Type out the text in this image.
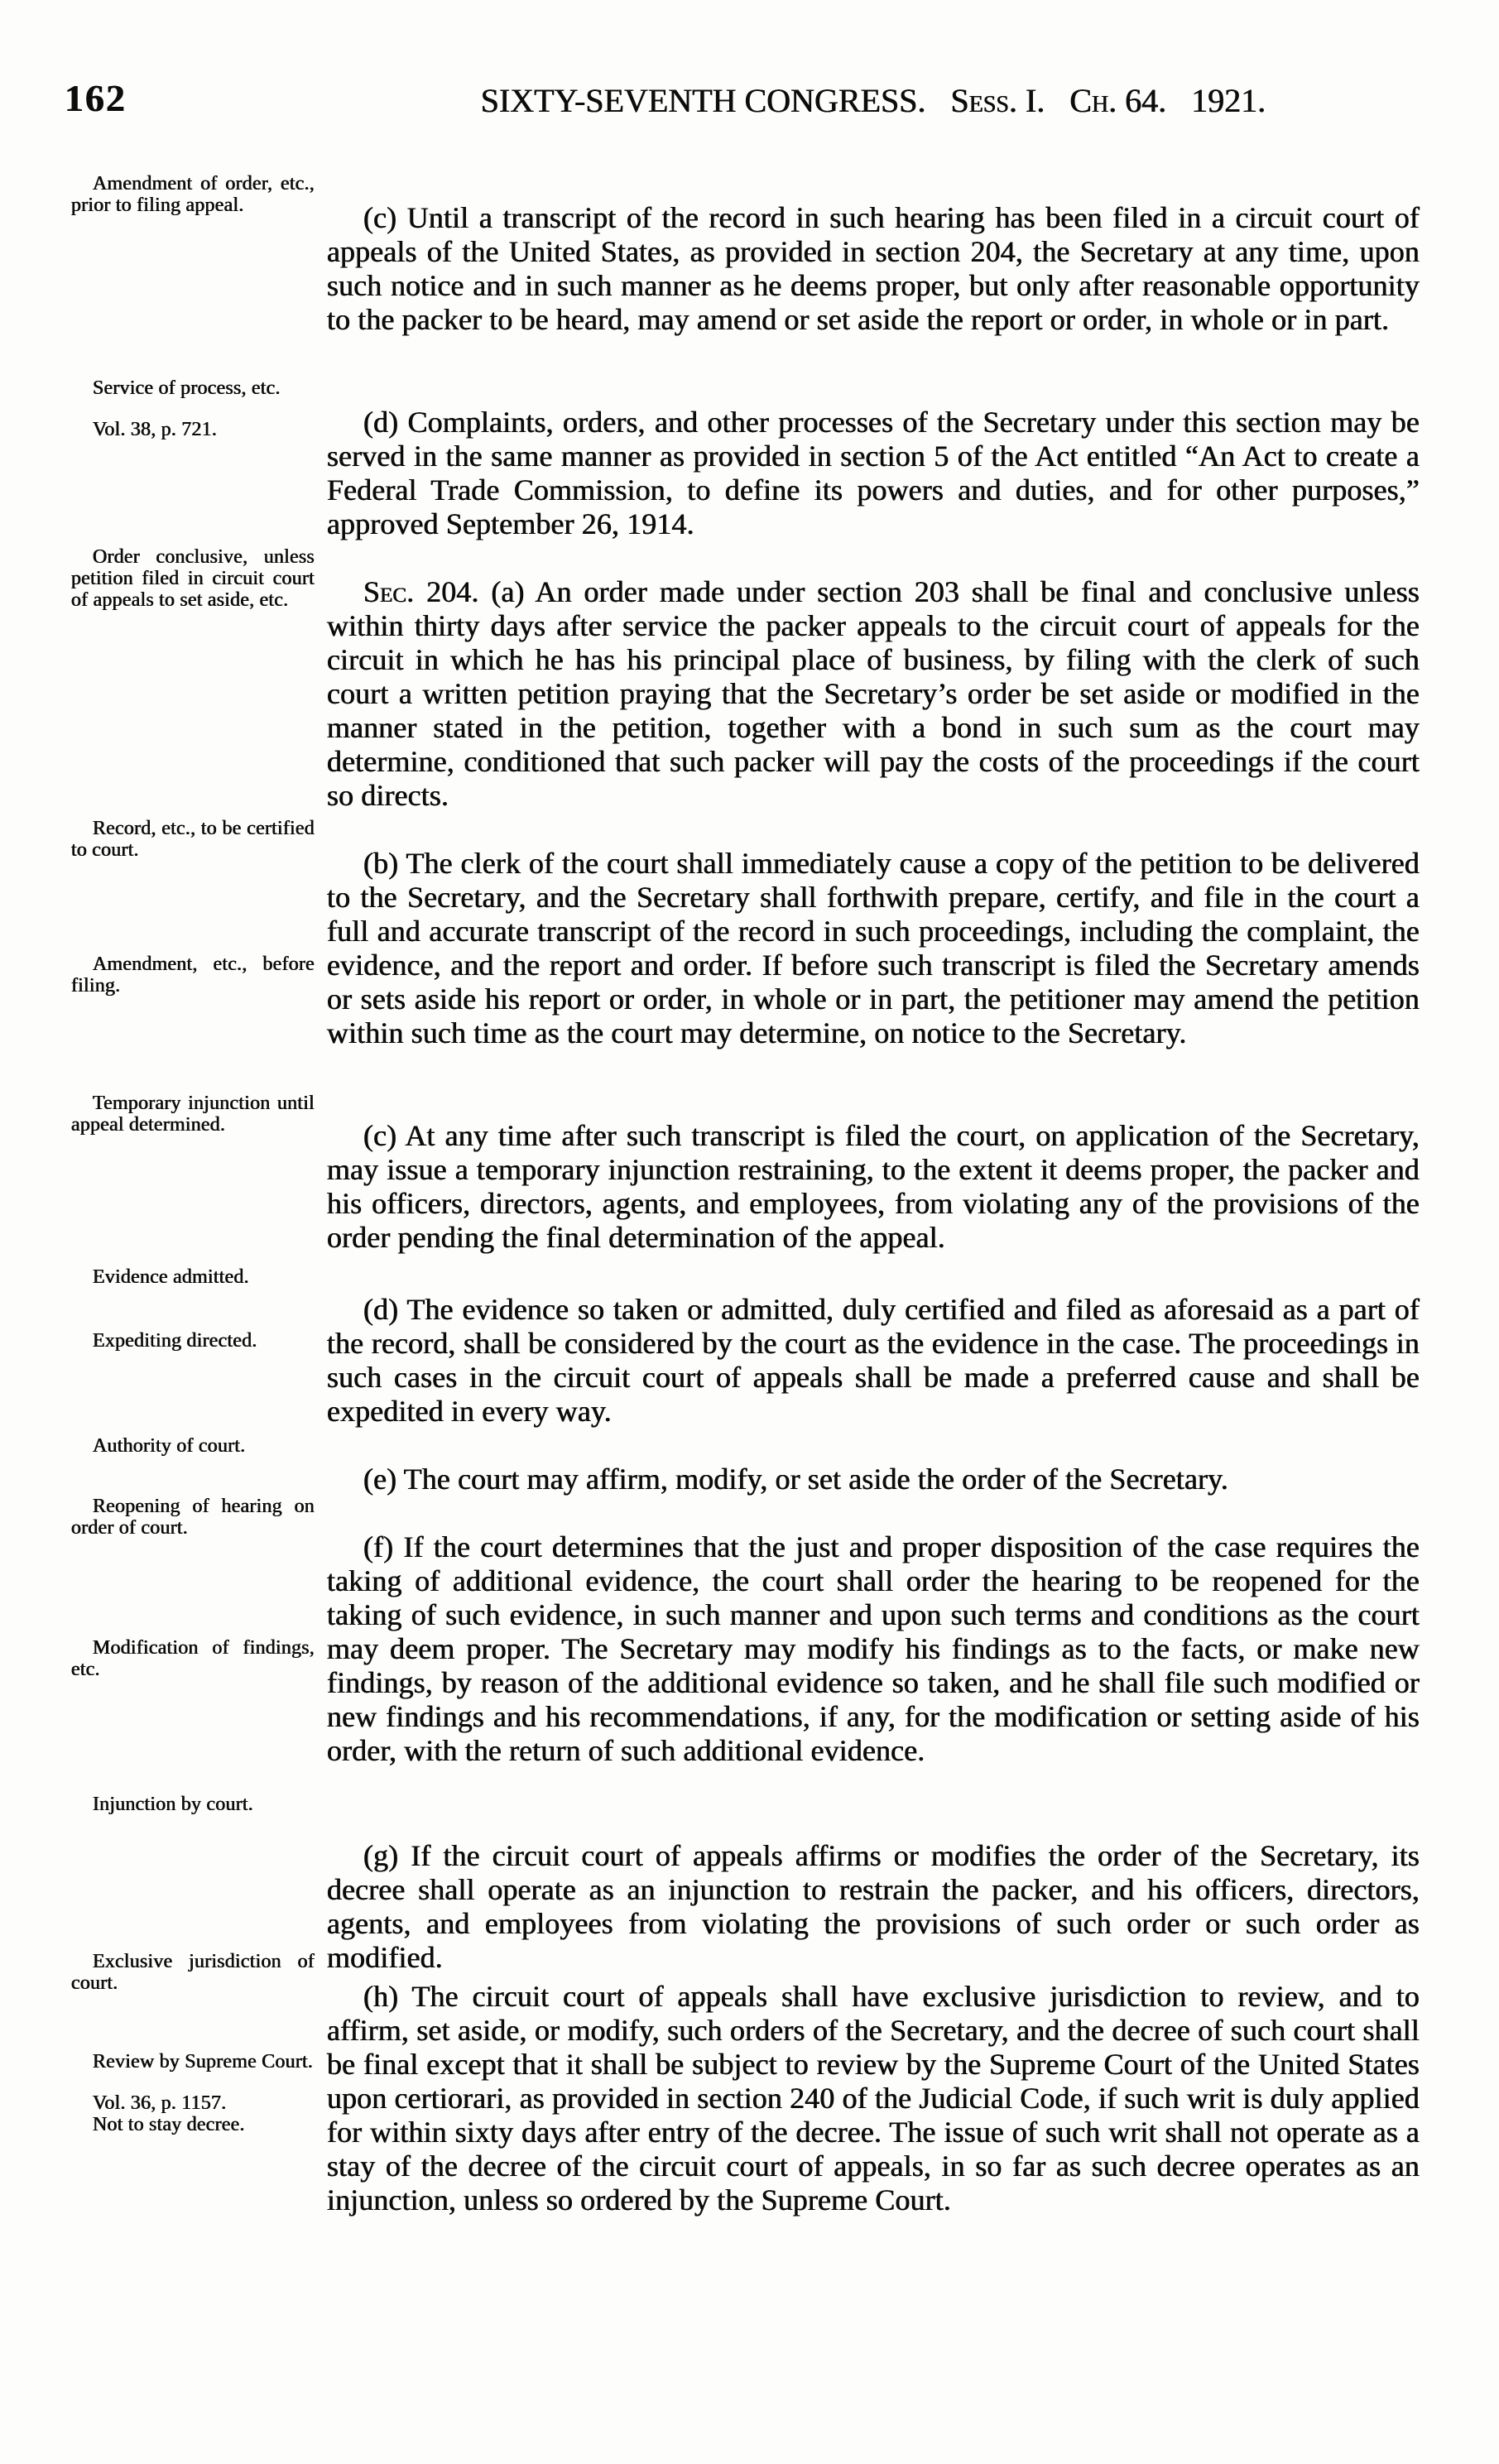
162	SIXTY-SEVENTH CONGRESS. Sess. I. Ch. 64. 1921.
Amendment of order, etc., prior to filing appeal.
Service of process, etc.
Vol. 38, p. 721.
Order conclusive, unless petition filed in circuit court of appeals to set aside, etc.
Record, etc., to be certified to court.
Amendment, etc., before filing.
Temporary injunction until appeal determined.
Evidence admitted.
Expediting directed.
Authority of court.
Reopening of hearing on order of court.
Modification of findings, etc.
Injunction by court.
Exclusive jurisdiction of court.
Review by Supreme Court.
Vol. 36, p. 1157.
Not to stay decree.

(c) Until a transcript of the record in such hearing has been filed in a circuit court of appeals of the United States, as provided in section 204, the Secretary at any time, upon such notice and in such manner as he deems proper, but only after reasonable opportunity to the packer to be heard, may amend or set aside the report or order, in whole or in part.

(d) Complaints, orders, and other processes of the Secretary under this section may be served in the same manner as provided in section 5 of the Act entitled “An Act to create a Federal Trade Commission, to define its powers and duties, and for other purposes,” approved September 26, 1914.

Sec. 204. (a) An order made under section 203 shall be final and conclusive unless within thirty days after service the packer appeals to the circuit court of appeals for the circuit in which he has his principal place of business, by filing with the clerk of such court a written petition praying that the Secretary’s order be set aside or modified in the manner stated in the petition, together with a bond in such sum as the court may determine, conditioned that such packer will pay the costs of the proceedings if the court so directs.

(b) The clerk of the court shall immediately cause a copy of the petition to be delivered to the Secretary, and the Secretary shall forthwith prepare, certify, and file in the court a full and accurate transcript of the record in such proceedings, including the complaint, the evidence, and the report and order. If before such transcript is filed the Secretary amends or sets aside his report or order, in whole or in part, the petitioner may amend the petition within such time as the court may determine, on notice to the Secretary.

(c) At any time after such transcript is filed the court, on application of the Secretary, may issue a temporary injunction restraining, to the extent it deems proper, the packer and his officers, directors, agents, and employees, from violating any of the provisions of the order pending the final determination of the appeal.

(d) The evidence so taken or admitted, duly certified and filed as aforesaid as a part of the record, shall be considered by the court as the evidence in the case. The proceedings in such cases in the circuit court of appeals shall be made a preferred cause and shall be expedited in every way.

(e) The court may affirm, modify, or set aside the order of the Secretary.

(f) If the court determines that the just and proper disposition of the case requires the taking of additional evidence, the court shall order the hearing to be reopened for the taking of such evidence, in such manner and upon such terms and conditions as the court may deem proper. The Secretary may modify his findings as to the facts, or make new findings, by reason of the additional evidence so taken, and he shall file such modified or new findings and his recommendations, if any, for the modification or setting aside of his order, with the return of such additional evidence.

(g) If the circuit court of appeals affirms or modifies the order of the Secretary, its decree shall operate as an injunction to restrain the packer, and his officers, directors, agents, and employees from violating the provisions of such order or such order as modified.

(h) The circuit court of appeals shall have exclusive jurisdiction to review, and to affirm, set aside, or modify, such orders of the Secretary, and the decree of such court shall be final except that it shall be subject to review by the Supreme Court of the United States upon certiorari, as provided in section 240 of the Judicial Code, if such writ is duly applied for within sixty days after entry of the decree. The issue of such writ shall not operate as a stay of the decree of the circuit court of appeals, in so far as such decree operates as an injunction, unless so ordered by the Supreme Court.
